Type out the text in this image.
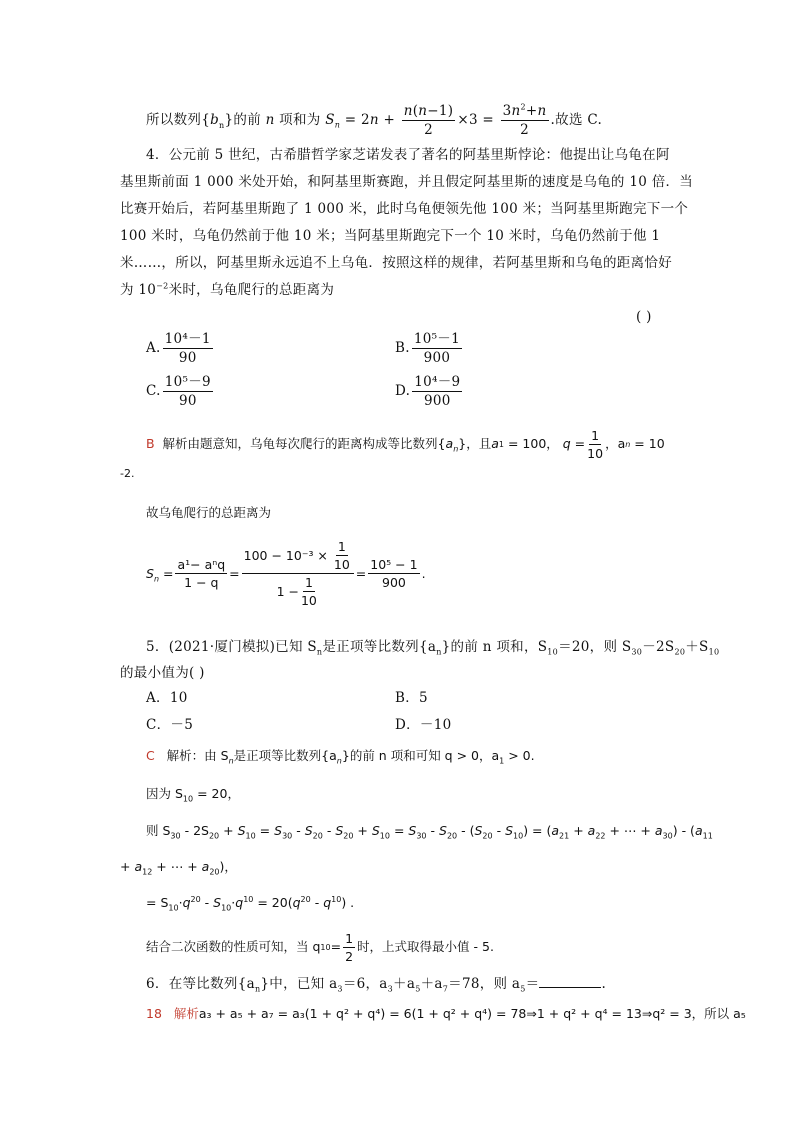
所以数列$\{b_n\}$的前 n 项和为 $S_n = 2n + \frac{n(n-1)}{2} \times 3 = \frac{3n^2+n}{2}$ .故选 C.
4．公元前 5 世纪，古希腊哲学家芝诺发表了著名的阿基里斯悖论：他提出让乌龟在阿
基里斯前面 1 000 米处开始，和阿基里斯赛跑，并且假定阿基里斯的速度是乌龟的 10 倍．当
比赛开始后，若阿基里斯跑了 1 000 米，此时乌龟便领先他 100 米；当阿基里斯跑完下一个
100 米时，乌龟仍然前于他 10 米；当阿基里斯跑完下一个 10 米时，乌龟仍然前于他 1
米……，所以，阿基里斯永远追不上乌龟．按照这样的规律，若阿基里斯和乌龟的距离恰好
为 $10^{-2}$米时，乌龟爬行的总距离为
( )
A. $\frac{\text{10⁴－1}}{90}$	B. $\frac{\text{10⁵－1}}{900}$
C. $\frac{\text{10⁵－9}}{90}$	D. $\frac{\text{10⁴－9}}{900}$
B
解析 由题意知，乌龟每次爬行的距离构成等比数列{ $a_n$ }，且 a 1
= 100，
$q = \frac{1}{10}$ ，a n
= 10
-2.
故乌龟爬行的总距离为
$S_n = \frac{\text{a¹− aⁿq}}{1 - q} = 100 - 10^{-3}$ ×
$\frac{1}{10}$
$1 - \frac{1}{10} = \frac{\text{10⁵ − 1}}{900}$ .
5．(2021·厦门模拟)已知 $S_n$是正项等比数列$\{a_n\}$的前 n 项和，$S_{10}=20$，则 $S_{30}-2S_{20}+S_{10}$
的最小值为( )
A．10	B．5
C．－5	D．－10
C 解析：由 $S_n$是正项等比数列$\{a_n\}$的前 n 项和可知 q > 0，$a_1 > 0$.
因为 $S_{10} = 20$，
则 $S_{30} - 2S_{20} + S_{10} = S_{30} - S_{20} - S_{20} + S_{10} = S_{30} - S_{20} - (S_{20} - S_{10}) = (a_{21} + a_{22}$ + ⋯ + $a_{30}) - (a_{11}$
+ $a_{12}$ + ⋯ + $a_{20}$)，
= $S_{10}\cdot q^{20} - S_{10}\cdot q^{10} = 20(q^{20} - q^{10})$ .
结合二次函数的性质可知，当 q $10 = \frac{1}{2}$ 时，上式取得最小值 - 5.
6．在等比数列$\{a_n\}$中，已知 $a_3=6$，$a_3+a_5+a_7=78$，则 $a_5=$	.
18 解析a₃ + a₅ + a₇ = a₃(1 + q² + q⁴) = 6(1 + q² + q⁴) = 78⇒1 + q² + q⁴ = 13⇒q² = 3，所以 a₅
